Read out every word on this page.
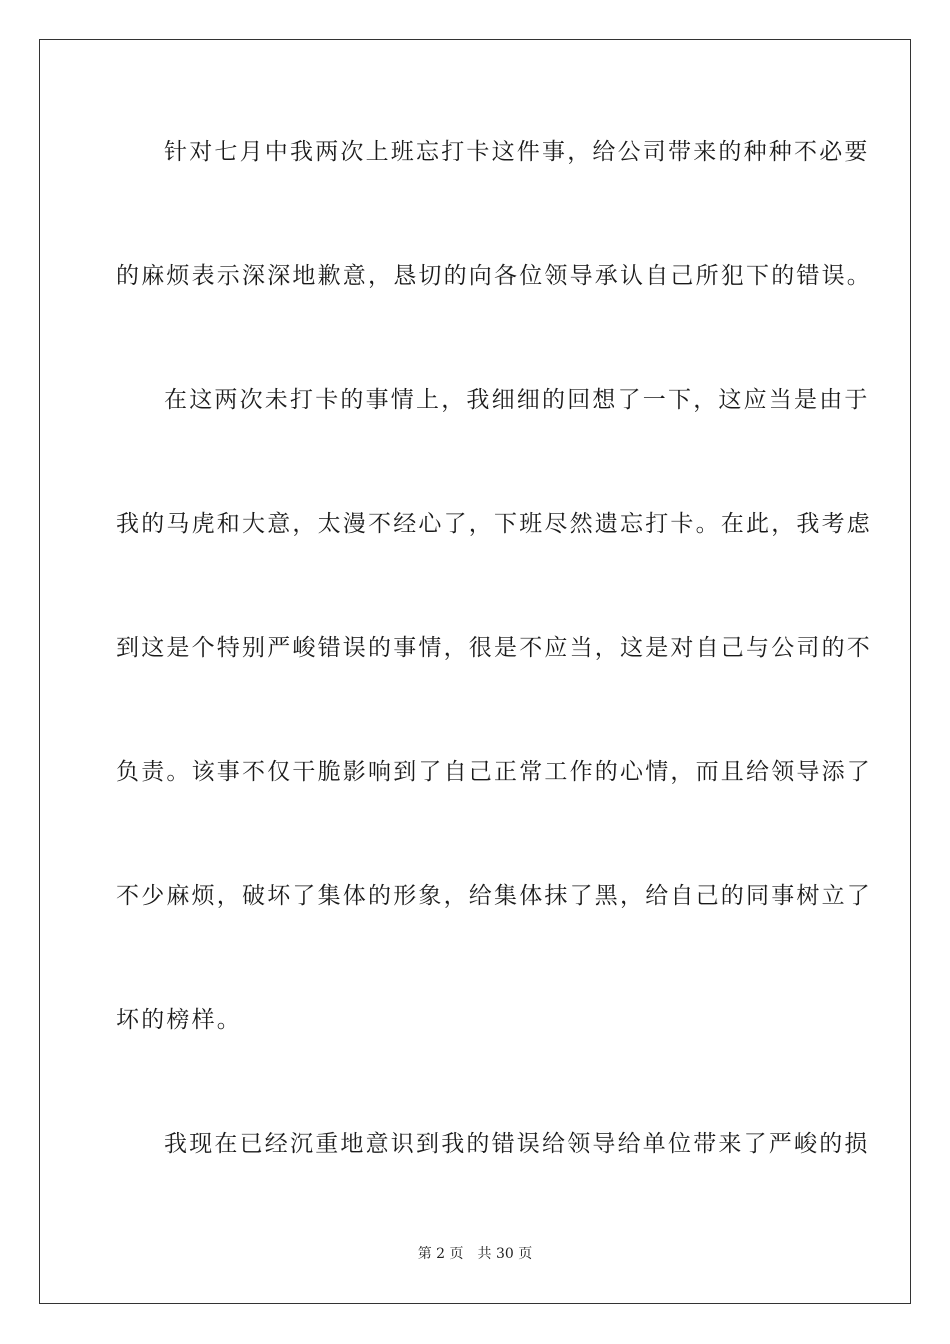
针对七月中我两次上班忘打卡这件事，给公司带来的种种不必要
的麻烦表示深深地歉意，恳切的向各位领导承认自己所犯下的错误。
在这两次未打卡的事情上，我细细的回想了一下，这应当是由于
我的马虎和大意，太漫不经心了，下班尽然遗忘打卡。在此，我考虑
到这是个特别严峻错误的事情，很是不应当，这是对自己与公司的不
负责。该事不仅干脆影响到了自己正常工作的心情，而且给领导添了
不少麻烦，破坏了集体的形象，给集体抹了黑，给自己的同事树立了
坏的榜样。
我现在已经沉重地意识到我的错误给领导给单位带来了严峻的损
第 2 页 共 30 页
